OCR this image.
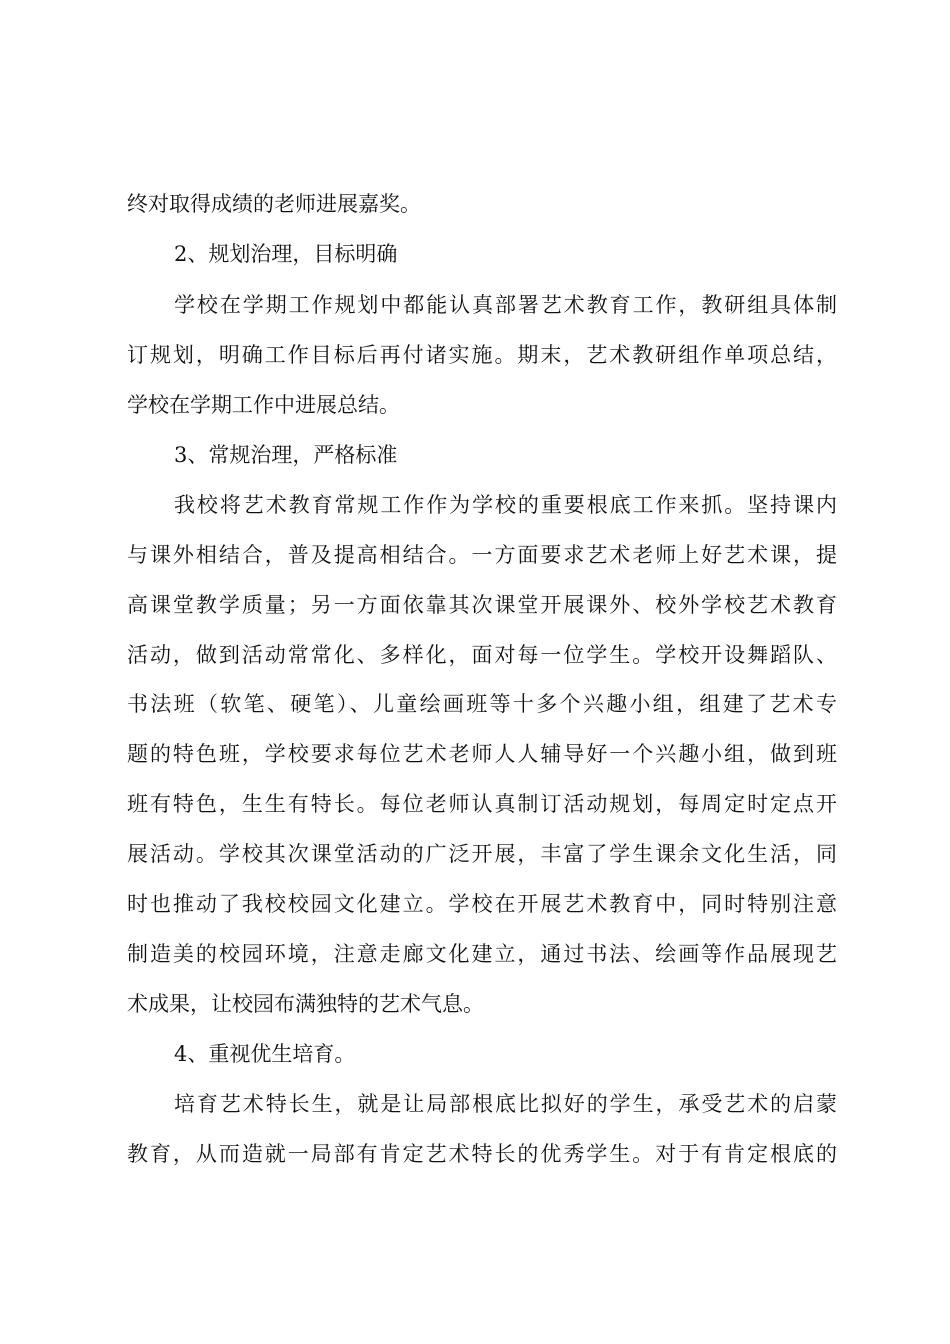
终对取得成绩的老师进展嘉奖。
2、规划治理，目标明确
学校在学期工作规划中都能认真部署艺术教育工作，教研组具体制
订规划，明确工作目标后再付诸实施。期末，艺术教研组作单项总结，
学校在学期工作中进展总结。
3、常规治理，严格标准
我校将艺术教育常规工作作为学校的重要根底工作来抓。坚持课内
与课外相结合，普及提高相结合。一方面要求艺术老师上好艺术课，提
高课堂教学质量；另一方面依靠其次课堂开展课外、校外学校艺术教育
活动，做到活动常常化、多样化，面对每一位学生。学校开设舞蹈队、
书法班（软笔、硬笔）、儿童绘画班等十多个兴趣小组，组建了艺术专
题的特色班，学校要求每位艺术老师人人辅导好一个兴趣小组，做到班
班有特色，生生有特长。每位老师认真制订活动规划，每周定时定点开
展活动。学校其次课堂活动的广泛开展，丰富了学生课余文化生活，同
时也推动了我校校园文化建立。学校在开展艺术教育中，同时特别注意
制造美的校园环境，注意走廊文化建立，通过书法、绘画等作品展现艺
术成果，让校园布满独特的艺术气息。
4、重视优生培育。
培育艺术特长生，就是让局部根底比拟好的学生，承受艺术的启蒙
教育，从而造就一局部有肯定艺术特长的优秀学生。对于有肯定根底的
